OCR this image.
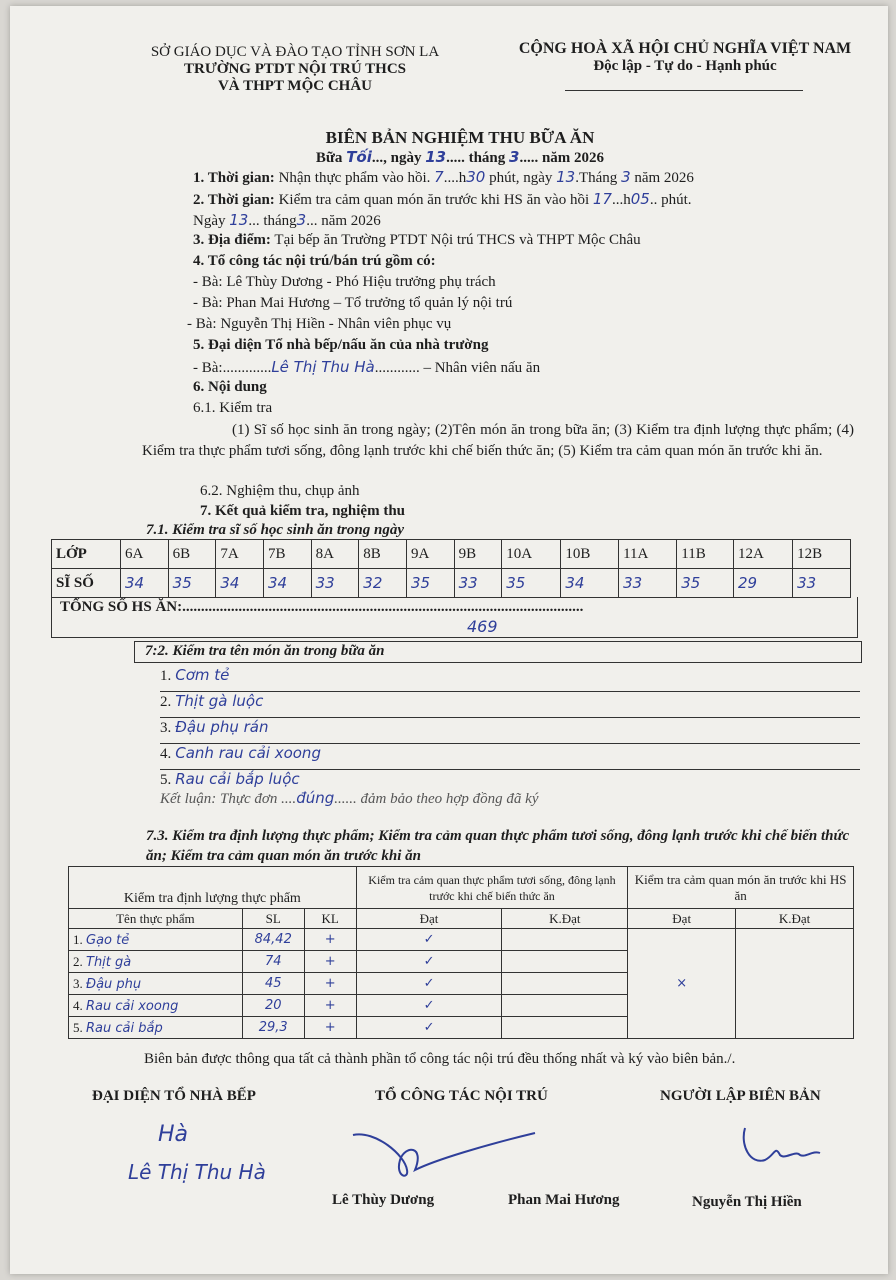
SỞ GIÁO DỤC VÀ ĐÀO TẠO TỈNH SƠN LA
TRƯỜNG PTDT NỘI TRÚ THCS
VÀ THPT MỘC CHÂU
CỘNG HOÀ XÃ HỘI CHỦ NGHĨA VIỆT NAM
Độc lập - Tự do - Hạnh phúc
BIÊN BẢN NGHIỆM THU BỮA ĂN
Bữa Tối..., ngày 13..... tháng 3..... năm 2026
1. Thời gian: Nhận thực phẩm vào hồi. 7....h30 phút, ngày 13.Tháng 3 năm 2026
2. Thời gian: Kiểm tra cảm quan món ăn trước khi HS ăn vào hồi 17...h05.. phút.
Ngày 13... tháng3... năm 2026
3. Địa điểm: Tại bếp ăn Trường PTDT Nội trú THCS và THPT Mộc Châu
4. Tổ công tác nội trú/bán trú gồm có:
- Bà: Lê Thùy Dương - Phó Hiệu trưởng phụ trách
- Bà: Phan Mai Hương – Tổ trưởng tổ quản lý nội trú
- Bà: Nguyễn Thị Hiền - Nhân viên phục vụ
5. Đại diện Tổ nhà bếp/nấu ăn của nhà trường
- Bà:.............Lê Thị Thu Hà............ – Nhân viên nấu ăn
6. Nội dung
6.1. Kiểm tra
(1) Sĩ số học sinh ăn trong ngày; (2)Tên món ăn trong bữa ăn; (3) Kiểm tra định lượng thực phẩm; (4) Kiểm tra thực phẩm tươi sống, đông lạnh trước khi chế biến thức ăn; (5) Kiểm tra cảm quan món ăn trước khi ăn.
6.2. Nghiệm thu, chụp ảnh
7. Kết quả kiểm tra, nghiệm thu
7.1. Kiểm tra sĩ số học sinh ăn trong ngày
LỚP	6A	6B	7A	7B	8A	8B	9A	9B	10A	10B	11A	11B	12A	12B
SĨ SỐ	34	35	34	34	33	32	35	33	35	34	33	35	29	33
TỔNG SỐ HS ĂN:...........................................................................................................
469
7:2. Kiểm tra tên món ăn trong bữa ăn
1. Cơm tẻ
2. Thịt gà luộc
3. Đậu phụ rán
4. Canh rau cải xoong
5. Rau cải bắp luộc
Kết luận: Thực đơn ....đúng...... đảm bảo theo hợp đồng đã ký
7.3. Kiểm tra định lượng thực phẩm; Kiểm tra cảm quan thực phẩm tươi sống, đông lạnh trước khi chế biến thức ăn; Kiểm tra cảm quan món ăn trước khi ăn
Kiểm tra định lượng thực phẩm			Kiểm tra cảm quan thực phẩm tươi sống, đông lạnh trước khi chế biến thức ăn		Kiểm tra cảm quan món ăn trước khi HS ăn	
Tên thực phẩm	SL	KL	Đạt	K.Đạt	Đạt	K.Đạt
1. Gạo tẻ	84,42	+	✓		×	
2. Thịt gà	74	+	✓			
3. Đậu phụ	45	+	✓			
4. Rau cải xoong	20	+	✓			
5. Rau cải bắp	29,3	+	✓			
Biên bản được thông qua tất cả thành phần tổ công tác nội trú đều thống nhất và ký vào biên bản./.
ĐẠI DIỆN TỔ NHÀ BẾP	TỔ CÔNG TÁC NỘI TRÚ	NGƯỜI LẬP BIÊN BẢN
Hà
Lê Thị Thu Hà
Lê Thùy Dương	Phan Mai Hương	Nguyễn Thị Hiền
